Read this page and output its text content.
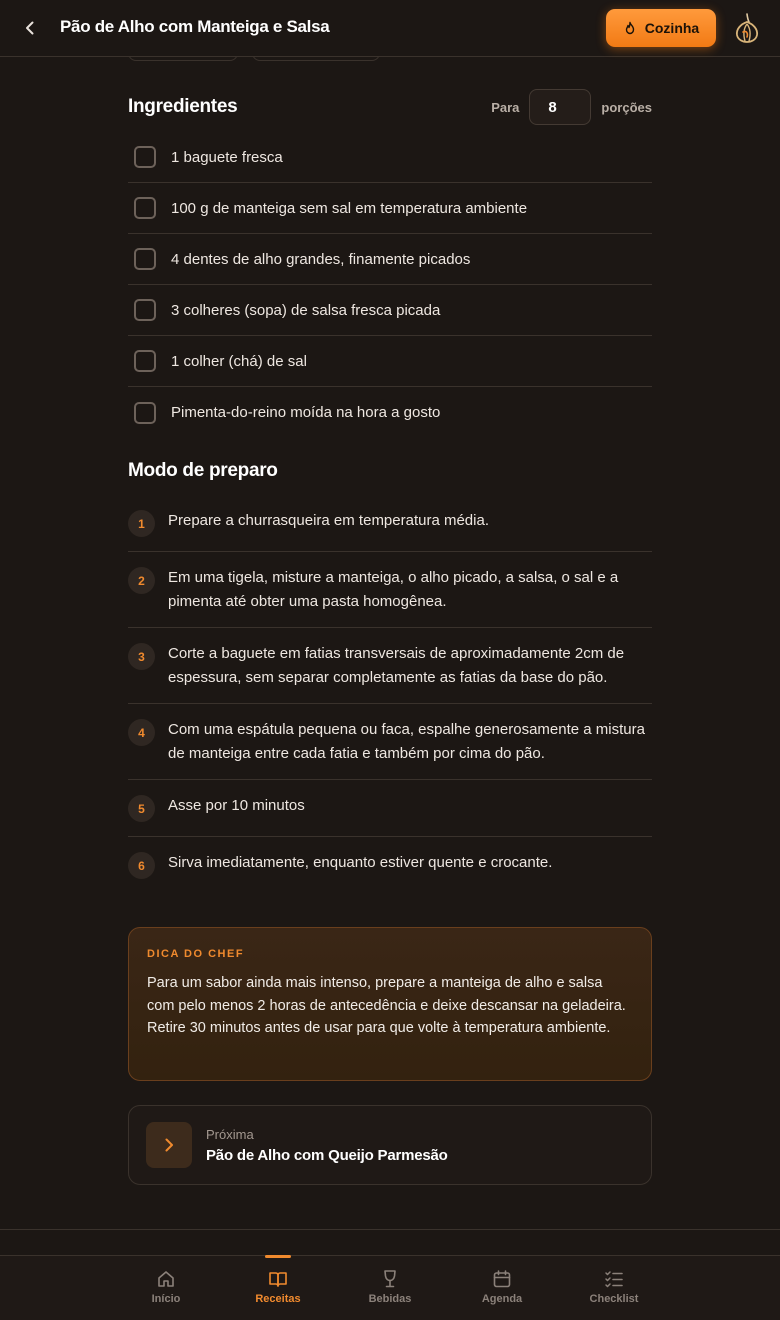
Pão de Alho com Manteiga e Salsa	Cozinha
Ingredientes	Para	8	porções
1 baguete fresca
100 g de manteiga sem sal em temperatura ambiente
4 dentes de alho grandes, finamente picados
3 colheres (sopa) de salsa fresca picada
1 colher (chá) de sal
Pimenta-do-reino moída na hora a gosto
Modo de preparo
1	Prepare a churrasqueira em temperatura média.
2	Em uma tigela, misture a manteiga, o alho picado, a salsa, o sal e a pimenta até obter uma pasta homogênea.
3	Corte a baguete em fatias transversais de aproximadamente 2cm de espessura, sem separar completamente as fatias da base do pão.
4	Com uma espátula pequena ou faca, espalhe generosamente a mistura de manteiga entre cada fatia e também por cima do pão.
5	Asse por 10 minutos
6	Sirva imediatamente, enquanto estiver quente e crocante.
DICA DO CHEF
Para um sabor ainda mais intenso, prepare a manteiga de alho e salsa com pelo menos 2 horas de antecedência e deixe descansar na geladeira. Retire 30 minutos antes de usar para que volte à temperatura ambiente.
Próxima
Pão de Alho com Queijo Parmesão
Início	Receitas	Bebidas	Agenda	Checklist
